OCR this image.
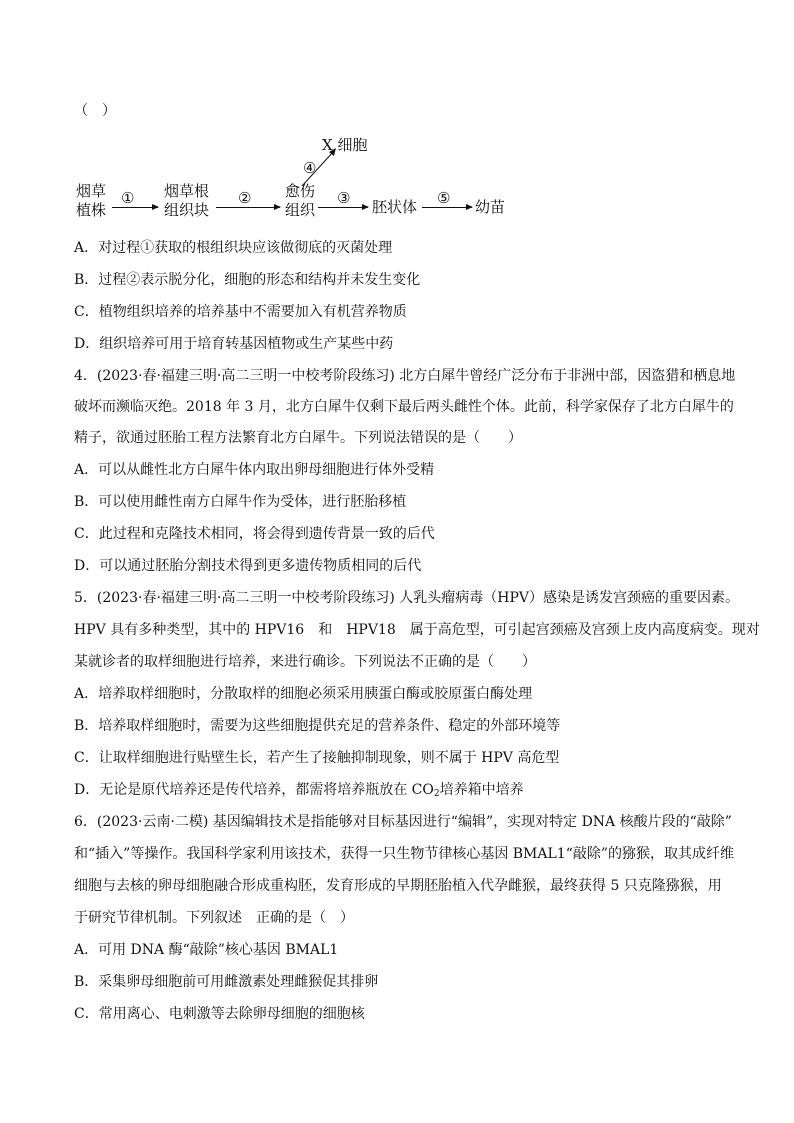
（　）
烟草
植株
① 烟草根
组织块
② 愈伤
组织
④
X 细胞
③ 胚状体 ⑤ 幼苗
A．对过程①获取的根组织块应该做彻底的灭菌处理
B．过程②表示脱分化，细胞的形态和结构并未发生变化
C．植物组织培养的培养基中不需要加入有机营养物质
D．组织培养可用于培育转基因植物或生产某些中药
4．(2023·春·福建三明·高二三明一中校考阶段练习) 北方白犀牛曾经广泛分布于非洲中部，因盗猎和栖息地
破坏而濒临灭绝。2018 年 3 月，北方白犀牛仅剩下最后两头雌性个体。此前，科学家保存了北方白犀牛的
精子，欲通过胚胎工程方法繁育北方白犀牛。下列说法错误的是（　　）
A．可以从雌性北方白犀牛体内取出卵母细胞进行体外受精
B．可以使用雌性南方白犀牛作为受体，进行胚胎移植
C．此过程和克隆技术相同，将会得到遗传背景一致的后代
D．可以通过胚胎分割技术得到更多遗传物质相同的后代
5．(2023·春·福建三明·高二三明一中校考阶段练习) 人乳头瘤病毒（HPV）感染是诱发宫颈癌的重要因素。
HPV 具有多种类型，其中的 HPV16　和　HPV18　属于高危型，可引起宫颈癌及宫颈上皮内高度病变。现对
某就诊者的取样细胞进行培养，来进行确诊。下列说法不正确的是（　　）
A．培养取样细胞时，分散取样的细胞必须采用胰蛋白酶或胶原蛋白酶处理
B．培养取样细胞时，需要为这些细胞提供充足的营养条件、稳定的外部环境等
C．让取样细胞进行贴壁生长，若产生了接触抑制现象，则不属于 HPV 高危型
D．无论是原代培养还是传代培养，都需将培养瓶放在 $CO_2$培养箱中培养
6．(2023·云南·二模) 基因编辑技术是指能够对目标基因进行“编辑”，实现对特定 DNA 核酸片段的“敲除”
和“插入”等操作。我国科学家利用该技术，获得一只生物节律核心基因 BMAL1“敲除”的猕猴，取其成纤维
细胞与去核的卵母细胞融合形成重构胚，发育形成的早期胚胎植入代孕雌猴，最终获得 5 只克隆猕猴，用
于研究节律机制。下列叙述　正确的是（　）
A．可用 DNA 酶“敲除”核心基因 BMAL1
B．采集卵母细胞前可用雌激素处理雌猴促其排卵
C．常用离心、电刺激等去除卵母细胞的细胞核
